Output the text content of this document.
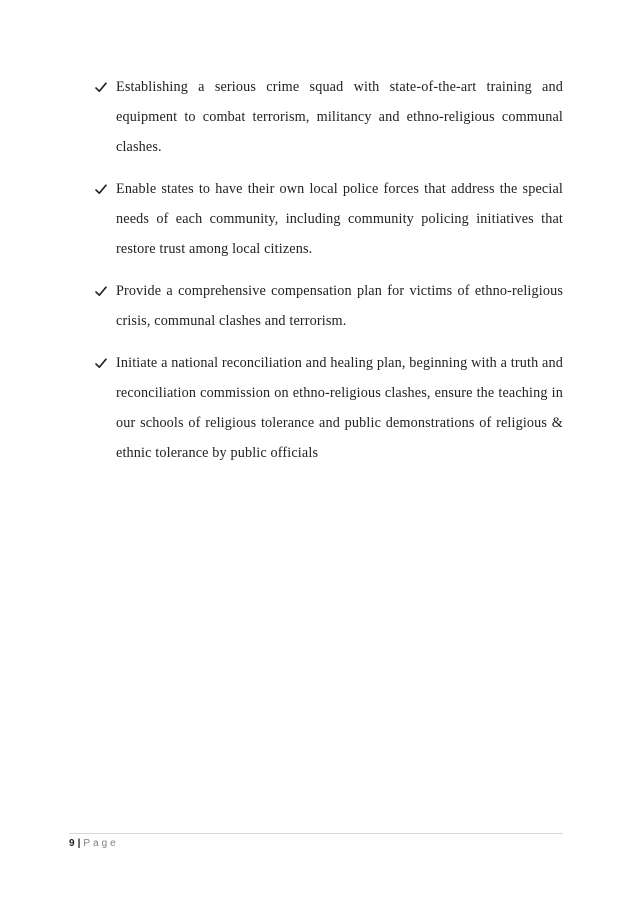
Establishing a serious crime squad with state-of-the-art training and equipment to combat terrorism, militancy and ethno-religious communal clashes.
Enable states to have their own local police forces that address the special needs of each community, including community policing initiatives that restore trust among local citizens.
Provide a comprehensive compensation plan for victims of ethno-religious crisis, communal clashes and terrorism.
Initiate a national reconciliation and healing plan, beginning with a truth and reconciliation commission on ethno-religious clashes, ensure the teaching in our schools of religious tolerance and public demonstrations of religious & ethnic tolerance by public officials
9 | Page
